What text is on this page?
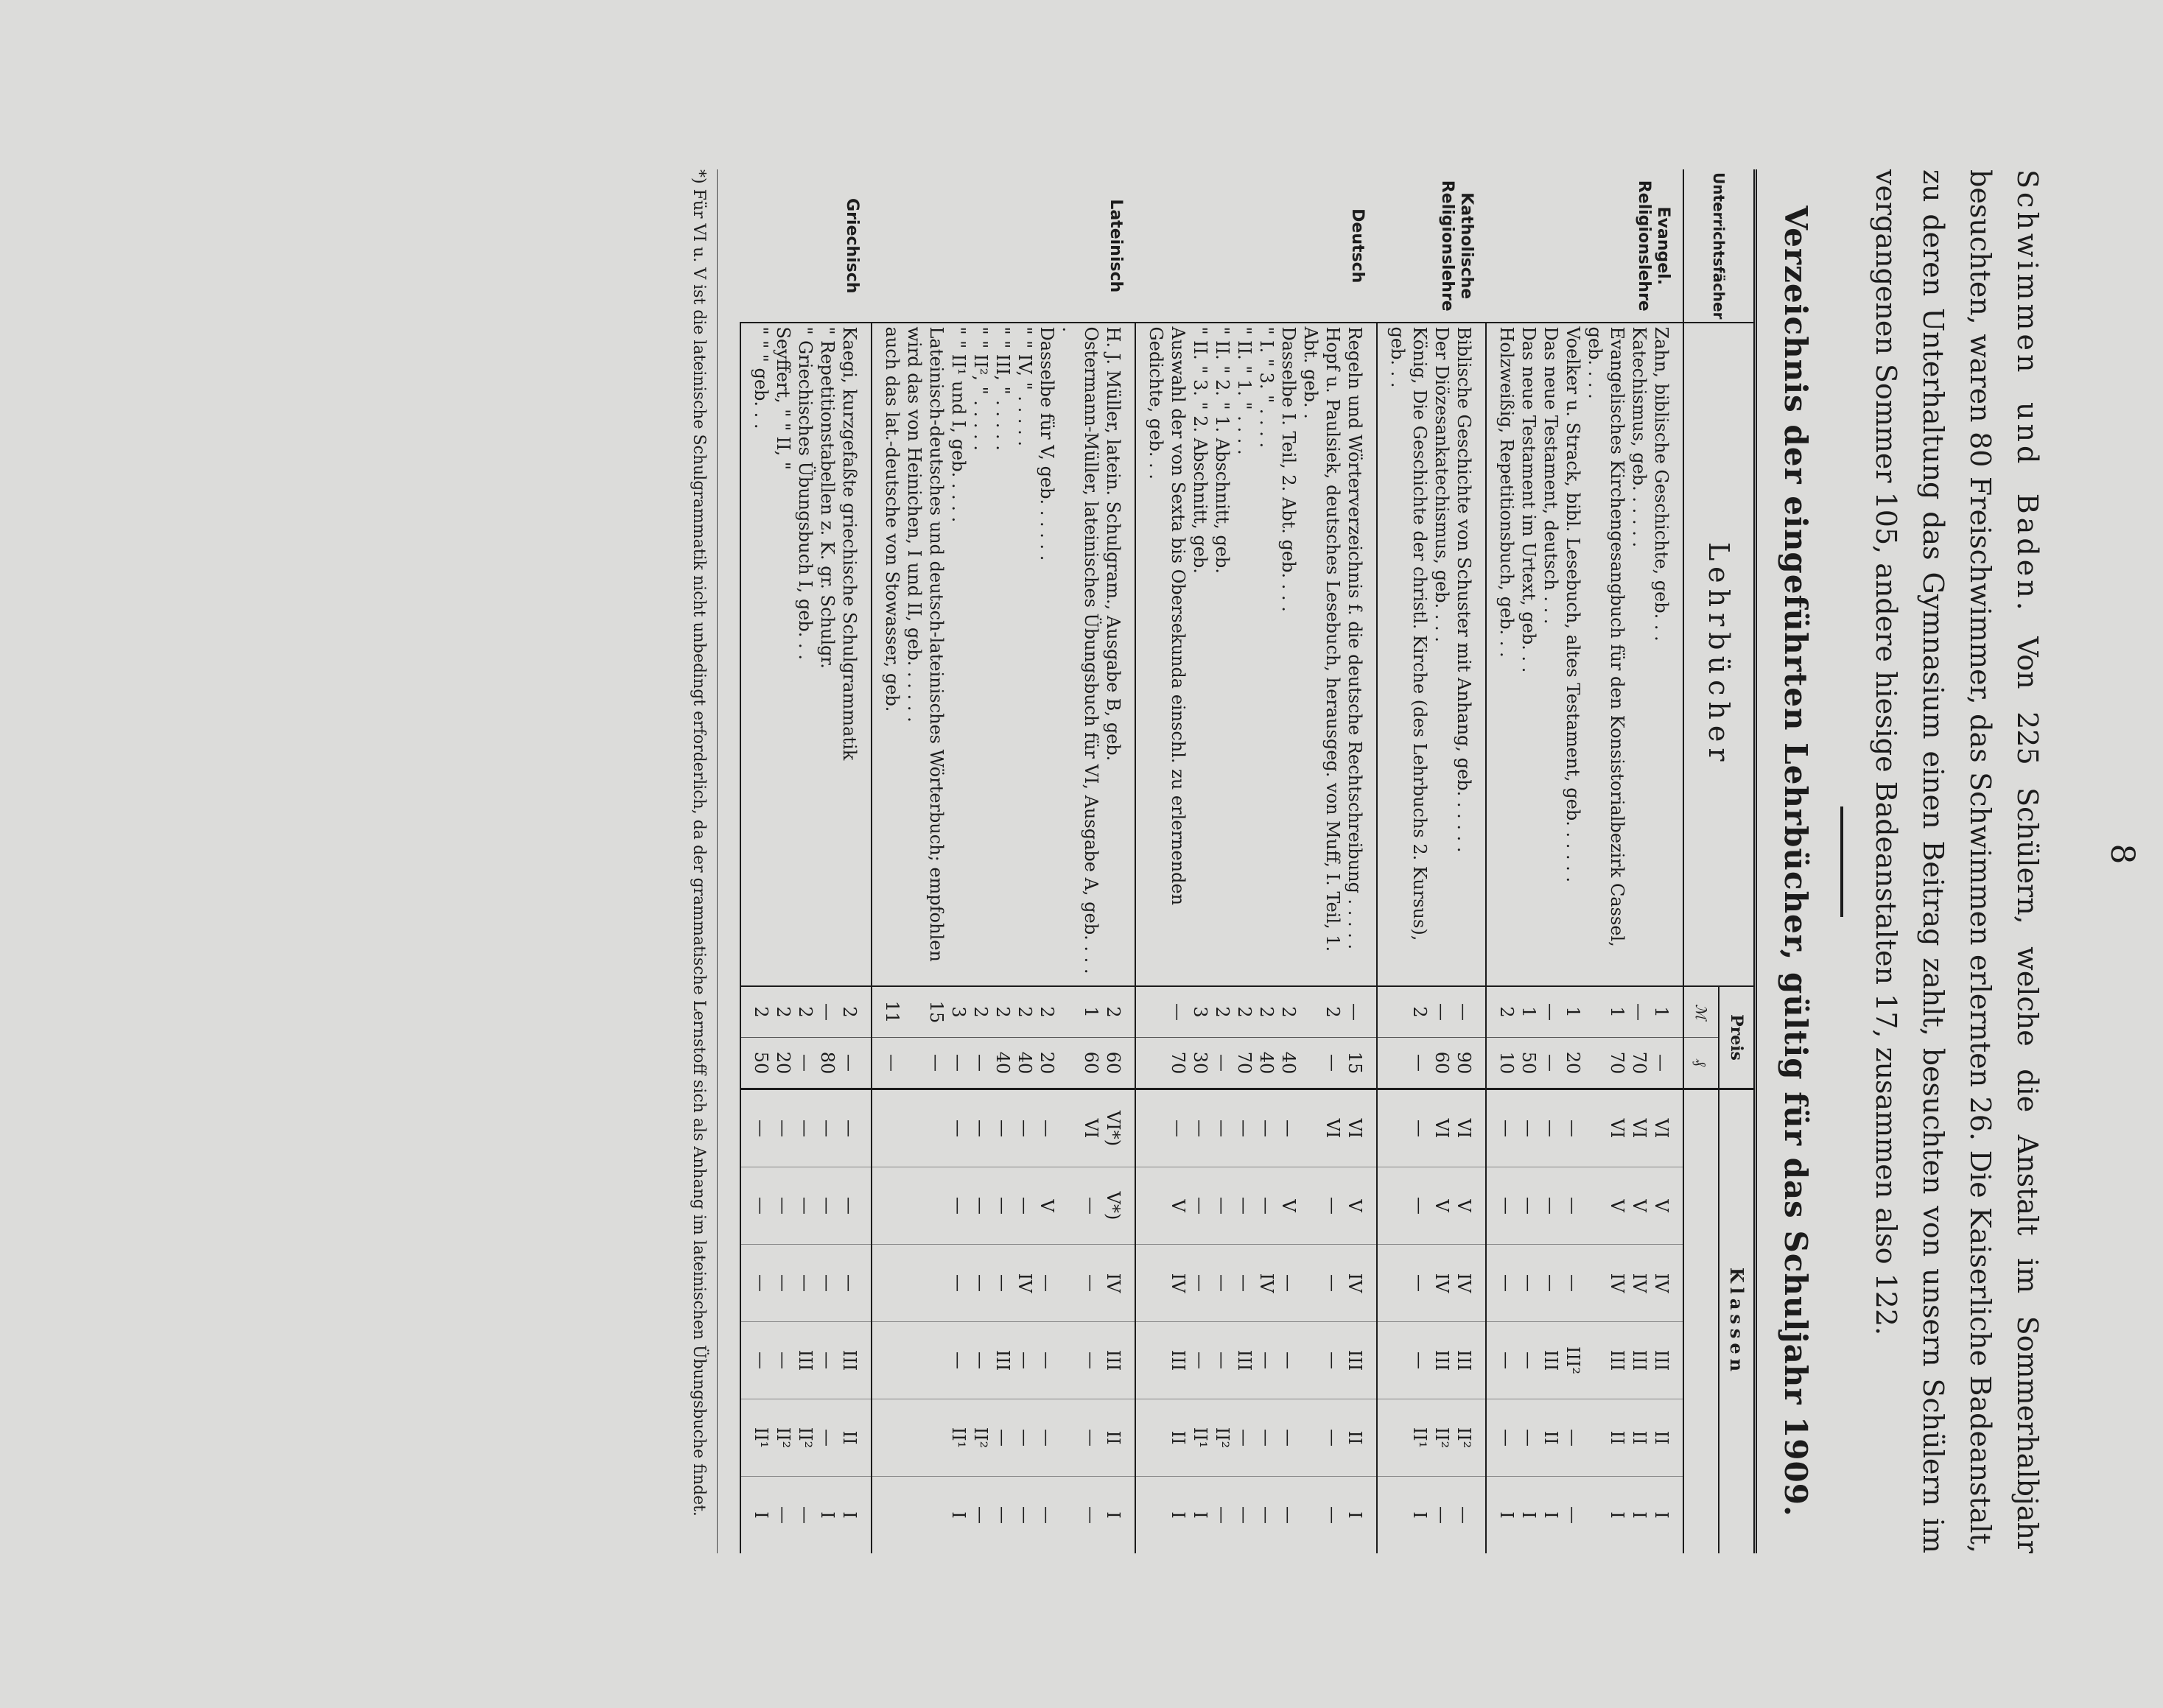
8

Schwimmen und Baden. Von 225 Schülern, welche die Anstalt im Sommerhalbjahr besuchten, waren 80 Freischwimmer, das Schwimmen erlernten 26. Die Kaiserliche Badeanstalt, zu deren Unterhaltung das Gymnasium einen Beitrag zahlt, besuchten von unsern Schülern im vergangenen Sommer 105, andere hiesige Badeanstalten 17, zusammen also 122.

Verzeichnis der eingeführten Lehrbücher, gültig für das Schuljahr 1909.
Unterrichtsfächer	Lehrbücher	Preis		Klassen					
		ℳ	₰						
Evangel. Religionslehre	Zahn, biblische Geschichte, geb. . .	1	—	VI	V	IV	III	II	I
	Katechismus, geb. . . . . .	—	70	VI	V	IV	III	II	I
	Evangelisches Kirchengesangbuch für den Konsistorialbezirk Cassel, geb. . . .	1	70	VI	V	IV	III	II	I
	Voelker u. Strack, bibl. Lesebuch, altes Testament, geb. . . . . .	1	20	—	—	—	III²	—	—
	Das neue Testament, deutsch . . .	—	—	—	—	—	III	II	I
	Das neue Testament im Urtext, geb. . .	1	50	—	—	—	—	—	I
	Holzweißig, Repetitionsbuch, geb. . .	2	10	—	—	—	—	—	I
Katholische Religionslehre	Biblische Geschichte von Schuster mit Anhang, geb. . . . . .	—	90	VI	V	IV	III	II²	—
	Der Diözesankatechismus, geb. . . .	—	60	VI	V	IV	III	II²	—
	König, Die Geschichte der christl. Kirche (des Lehrbuchs 2. Kursus), geb. . .	2	—	—	—	—	—	II¹	I
Deutsch	Regeln und Wörterverzeichnis f. die deutsche Rechtschreibung . . . . .	—	15	VI	V	IV	III	II	I
	Hopf u. Paulsiek, deutsches Lesebuch, herausgeg. von Muff, I. Teil, 1. Abt. geb. .	2	—	VI	—	—	—	—	—
	Dasselbe I. Teil, 2. Abt. geb. . . .	2	40	—	V	—	—	—	—
	" I. " 3. " . . . .	2	40	—	—	IV	—	—	—
	" II. " 1. " . . . .	2	70	—	—	—	III	—	—
	" II. " 2. " 1. Abschnitt, geb.	2	—	—	—	—	—	II²	—
	" II. " 3. " 2. Abschnitt, geb.	3	30	—	—	—	—	II¹	I
	Auswahl der von Sexta bis Obersekunda einschl. zu erlernenden Gedichte, geb. . .	—	70	—	V	IV	III	II	I
Lateinisch	H. J. Müller, latein. Schulgram., Ausgabe B, geb.	2	60	VI*)	V*)	IV	III	II	I
	Ostermann-Müller, lateinisches Übungsbuch für VI, Ausgabe A, geb. . . . .	1	60	VI	—	—	—	—	—
	Dasselbe für V, geb. . . . . .	2	20	—	V	—	—	—	—
	" " IV, " . . . . .	2	40	—	—	IV	—	—	—
	" " III, " . . . . .	2	40	—	—	—	III	—	—
	" " II², " . . . . .	2	—	—	—	—	—	II²	—
	" " II¹ und I, geb. . . . .	3	—	—	—	—	—	II¹	I
	Lateinisch-deutsches und deutsch-lateinisches Wörterbuch; empfohlen wird das von Heinichen, I und II, geb. . . . . .	15	—						
	auch das lat.-deutsche von Stowasser, geb.	11	—						
Griechisch	Kaegi, kurzgefaßte griechische Schulgrammatik	2	—	—	—	—	III	II	I
	" Repetitionstabellen z. K. gr. Schulgr.	—	80	—	—	—	—	—	I
	" Griechisches Übungsbuch I, geb. . .	2	—	—	—	—	III	II²	—
	Seyffert, " " II, "	2	20	—	—	—	—	II²	—
	" " " geb. . .	2	50	—	—	—	—	II¹	I
*) Für VI u. V ist die lateinische Schulgrammatik nicht unbedingt erforderlich, da der grammatische Lernstoff sich als Anhang im lateinischen Übungsbuche findet.
